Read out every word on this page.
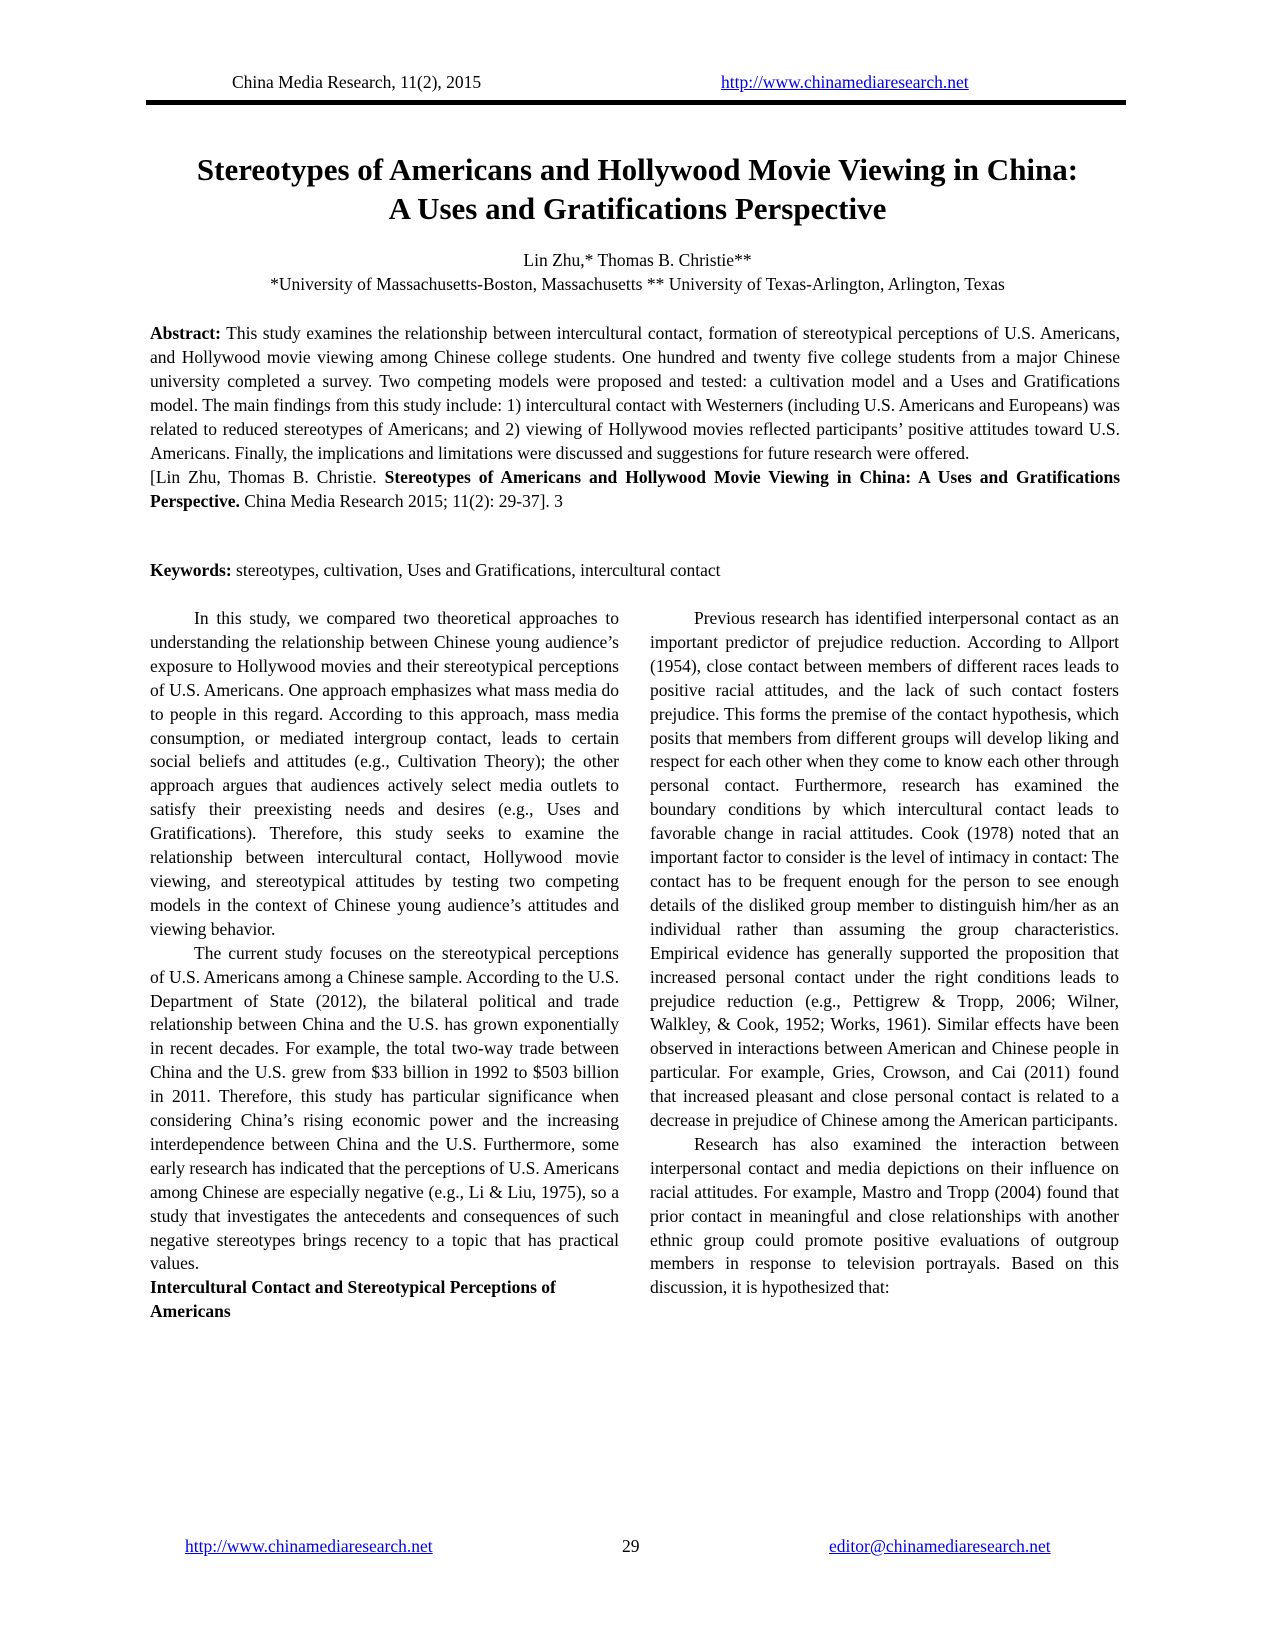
China Media Research, 11(2), 2015	http://www.chinamediaresearch.net
Stereotypes of Americans and Hollywood Movie Viewing in China:
A Uses and Gratifications Perspective
Lin Zhu,* Thomas B. Christie**
*University of Massachusetts-Boston, Massachusetts ** University of Texas-Arlington, Arlington, Texas

Abstract: This study examines the relationship between intercultural contact, formation of stereotypical perceptions of U.S. Americans, and Hollywood movie viewing among Chinese college students. One hundred and twenty five college students from a major Chinese university completed a survey. Two competing models were proposed and tested: a cultivation model and a Uses and Gratifications model. The main findings from this study include: 1) intercultural contact with Westerners (including U.S. Americans and Europeans) was related to reduced stereotypes of Americans; and 2) viewing of Hollywood movies reflected participants’ positive attitudes toward U.S. Americans. Finally, the implications and limitations were discussed and suggestions for future research were offered.

[Lin Zhu, Thomas B. Christie. Stereotypes of Americans and Hollywood Movie Viewing in China: A Uses and Gratifications Perspective. China Media Research 2015; 11(2): 29-37]. 3

Keywords: stereotypes, cultivation, Uses and Gratifications, intercultural contact

In this study, we compared two theoretical approaches to understanding the relationship between Chinese young audience’s exposure to Hollywood movies and their stereotypical perceptions of U.S. Americans. One approach emphasizes what mass media do to people in this regard. According to this approach, mass media consumption, or mediated intergroup contact, leads to certain social beliefs and attitudes (e.g., Cultivation Theory); the other approach argues that audiences actively select media outlets to satisfy their preexisting needs and desires (e.g., Uses and Gratifications). Therefore, this study seeks to examine the relationship between intercultural contact, Hollywood movie viewing, and stereotypical attitudes by testing two competing models in the context of Chinese young audience’s attitudes and viewing behavior.

The current study focuses on the stereotypical perceptions of U.S. Americans among a Chinese sample. According to the U.S. Department of State (2012), the bilateral political and trade relationship between China and the U.S. has grown exponentially in recent decades. For example, the total two-way trade between China and the U.S. grew from $33 billion in 1992 to $503 billion in 2011. Therefore, this study has particular significance when considering China’s rising economic power and the increasing interdependence between China and the U.S. Furthermore, some early research has indicated that the perceptions of U.S. Americans among Chinese are especially negative (e.g., Li & Liu, 1975), so a study that investigates the antecedents and consequences of such negative stereotypes brings recency to a topic that has practical values.

Intercultural Contact and Stereotypical Perceptions of Americans

Previous research has identified interpersonal contact as an important predictor of prejudice reduction. According to Allport (1954), close contact between members of different races leads to positive racial attitudes, and the lack of such contact fosters prejudice. This forms the premise of the contact hypothesis, which posits that members from different groups will develop liking and respect for each other when they come to know each other through personal contact. Furthermore, research has examined the boundary conditions by which intercultural contact leads to favorable change in racial attitudes. Cook (1978) noted that an important factor to consider is the level of intimacy in contact: The contact has to be frequent enough for the person to see enough details of the disliked group member to distinguish him/her as an individual rather than assuming the group characteristics. Empirical evidence has generally supported the proposition that increased personal contact under the right conditions leads to prejudice reduction (e.g., Pettigrew & Tropp, 2006; Wilner, Walkley, & Cook, 1952; Works, 1961). Similar effects have been observed in interactions between American and Chinese people in particular. For example, Gries, Crowson, and Cai (2011) found that increased pleasant and close personal contact is related to a decrease in prejudice of Chinese among the American participants.

Research has also examined the interaction between interpersonal contact and media depictions on their influence on racial attitudes. For example, Mastro and Tropp (2004) found that prior contact in meaningful and close relationships with another ethnic group could promote positive evaluations of outgroup members in response to television portrayals. Based on this discussion, it is hypothesized that:

http://www.chinamediaresearch.net	29	editor@chinamediaresearch.net
